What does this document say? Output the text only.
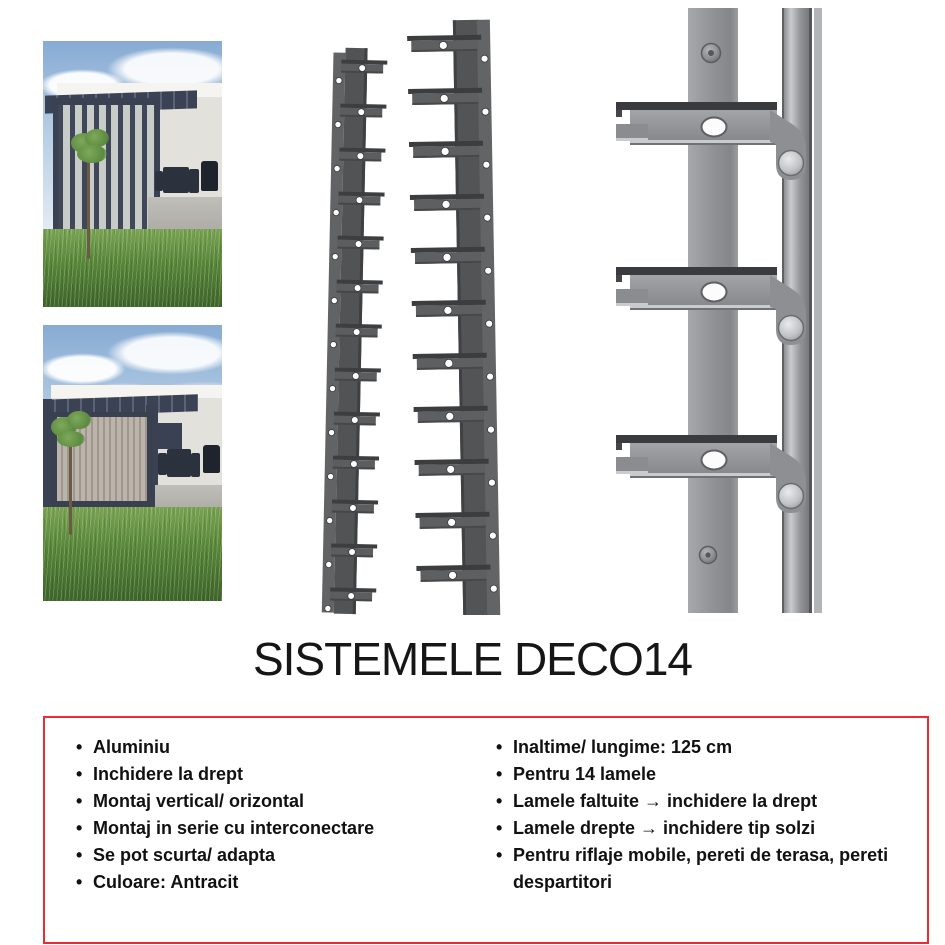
SISTEMELE DECO14
• Aluminiu
• Inchidere la drept
• Montaj vertical/ orizontal
• Montaj in serie cu interconectare
• Se pot scurta/ adapta
• Culoare: Antracit
• Inaltime/ lungime: 125 cm
• Pentru 14 lamele
• Lamele faltuite → inchidere la drept
• Lamele drepte → inchidere tip solzi
• Pentru riflaje mobile, pereti de terasa, pereti despartitori
